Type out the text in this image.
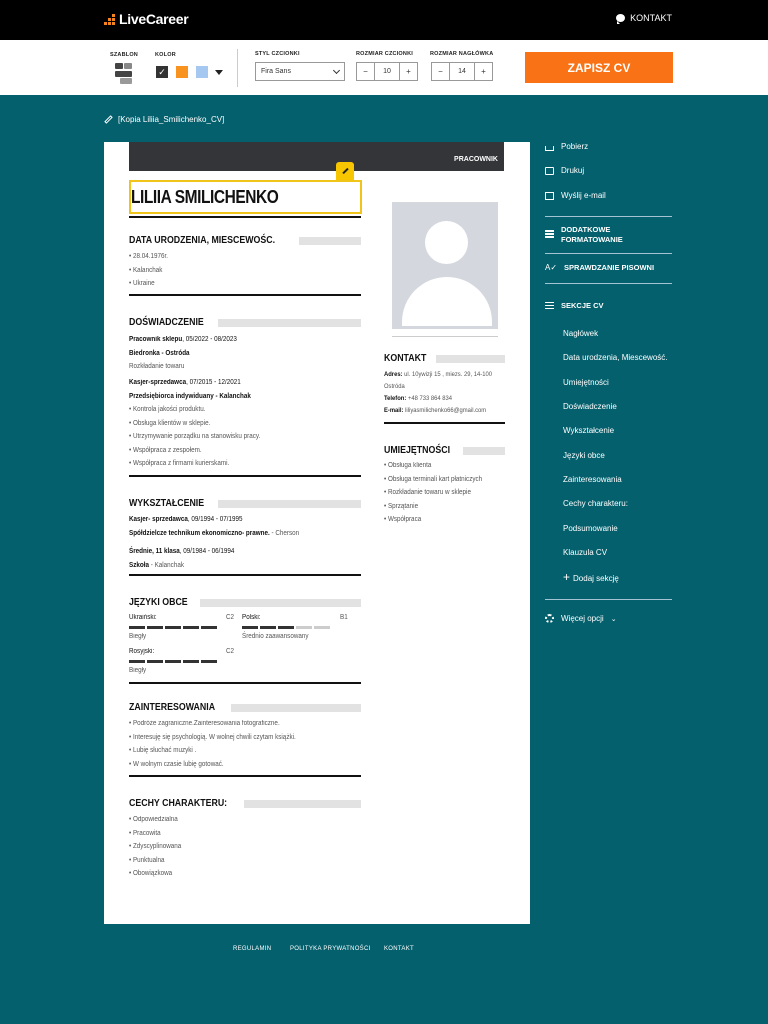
LiveCareer	KONTAKT
SZABLON	KOLOR
✓
STYL CZCIONKI
Fira Sans
ROZMIAR CZCIONKI
−	10	+
ROZMIAR NAGŁÓWKA
−	14	+	ZAPISZ CV
[Kopia Liliia_Smilichenko_CV]
PRACOWNIK
LILIIA SMILICHENKO
DATA URODZENIA, MIESCEWOŚC.
• 28.04.1976r.
• Kalanchak
• Ukraine
DOŚWIADCZENIE
Pracownik sklepu, 05/2022 - 08/2023
Biedronka - Ostróda
Rozkładanie towaru
Kasjer-sprzedawca, 07/2015 - 12/2021
Przedsiębiorca indywiduany - Kalanchak
• Kontrola jakości produktu.
• Obsługa klientów w sklepie.
• Utrzymywanie porządku na stanowisku pracy.
• Współpraca z zespołem.
• Współpraca z firmami kurierskami.
WYKSZTAŁCENIE
Kasjer- sprzedawca, 09/1994 - 07/1995
Spółdzielcze technikum ekonomiczno- prawne. - Cherson
Średnie, 11 klasa, 09/1984 - 06/1994
Szkoła - Kalanchak
JĘZYKI OBCE
Ukraiński:	C2
Biegły
Polski:	B1
Średnio zaawansowany
Rosyjski:	C2
Biegły
ZAINTERESOWANIA
• Podróże zagraniczne.Zainteresowania fotograficzne.
• Interesuję się psychologią. W wolnej chwili czytam książki.
• Lubię słuchać muzyki .
• W wolnym czasie lubię gotować.
CECHY CHARAKTERU:
• Odpowiedzialna
• Pracowita
• Zdyscyplinowana
• Punktualna
• Obowiązkowa
KONTAKT
Adres: ul. 10ywizji 15 , miezs. 29, 14-100
Ostróda
Telefon: +48 733 864 834
E-mail: liliyasmilichenko66@gmail.com
UMIEJĘTNOŚCI
• Obsługa klienta
• Obsługa terminali kart płatniczych
• Rozkładanie towaru w sklepie
• Sprzątanie
• Współpraca
Pobierz
Drukuj
Wyślij e-mail
DODATKOWE
FORMATOWANIE
A✓ SPRAWDZANIE PISOWNI
SEKCJE CV
Nagłówek
Data urodzenia, Miescewość.
Umiejętności
Doświadczenie
Wykształcenie
Języki obce
Zainteresowania
Cechy charakteru:
Podsumowanie
Klauzula CV
+ Dodaj sekcję
Więcej opcji ⌄
REGULAMIN	POLITYKA PRYWATNOŚCI KONTAKT
